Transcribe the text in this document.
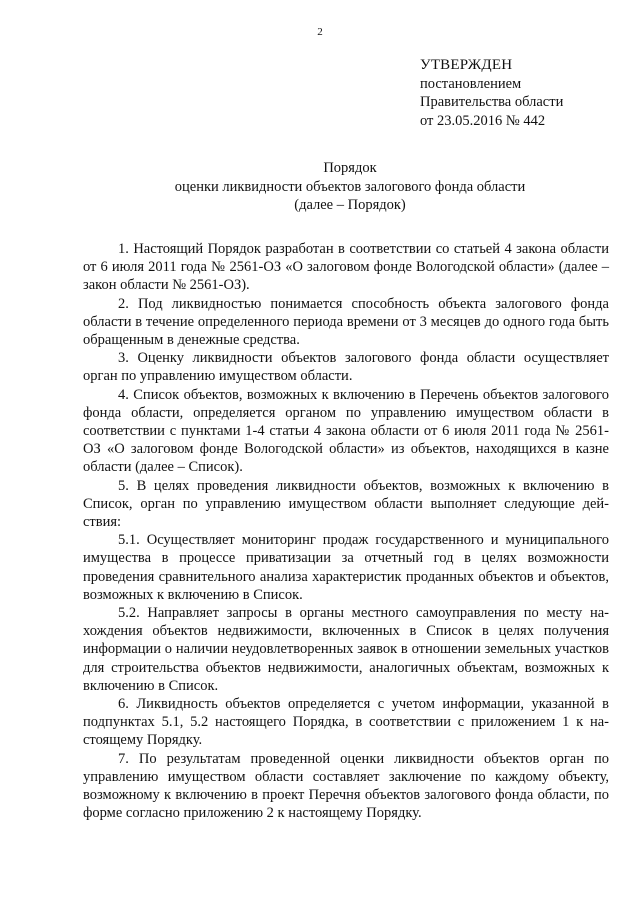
2
УТВЕРЖДЕН
постановлением
Правительства области
от 23.05.2016 № 442
Порядок
оценки ликвидности объектов залогового фонда области
(далее – Порядок)

1. Настоящий Порядок разработан в соответствии со статьей 4 закона области от 6 июля 2011 года № 2561-ОЗ «О залоговом фонде Вологодской области» (далее – закон области № 2561-ОЗ).

2. Под ликвидностью понимается способность объекта залогового фонда области в течение определенного периода времени от 3 месяцев до одного года быть обращенным в денежные средства.

3. Оценку ликвидности объектов залогового фонда области осуществляет орган по управлению имуществом области.

4. Список объектов, возможных к включению в Перечень объектов залогового фонда области, определяется органом по управлению имуществом области в соответствии с пунктами 1-4 статьи 4 закона области от 6 июля 2011 года № 2561-ОЗ «О залоговом фонде Вологодской области» из объектов, находящихся в казне области (далее – Список).

5. В целях проведения ликвидности объектов, возможных к включению в Список, орган по управлению имуществом области выполняет следующие действия:

5.1. Осуществляет мониторинг продаж государственного и муниципального имущества в процессе приватизации за отчетный год в целях возможности проведения сравнительного анализа характеристик проданных объектов и объектов, возможных к включению в Список.

5.2. Направляет запросы в органы местного самоуправления по месту нахождения объектов недвижимости, включенных в Список в целях получения информации о наличии неудовлетворенных заявок в отношении земельных участков для строительства объектов недвижимости, аналогичных объектам, возможных к включению в Список.

6. Ликвидность объектов определяется с учетом информации, указанной в подпунктах 5.1, 5.2 настоящего Порядка, в соответствии с приложением 1 к настоящему Порядку.

7. По результатам проведенной оценки ликвидности объектов орган по управлению имуществом области составляет заключение по каждому объекту, возможному к включению в проект Перечня объектов залогового фонда области, по форме согласно приложению 2 к настоящему Порядку.
